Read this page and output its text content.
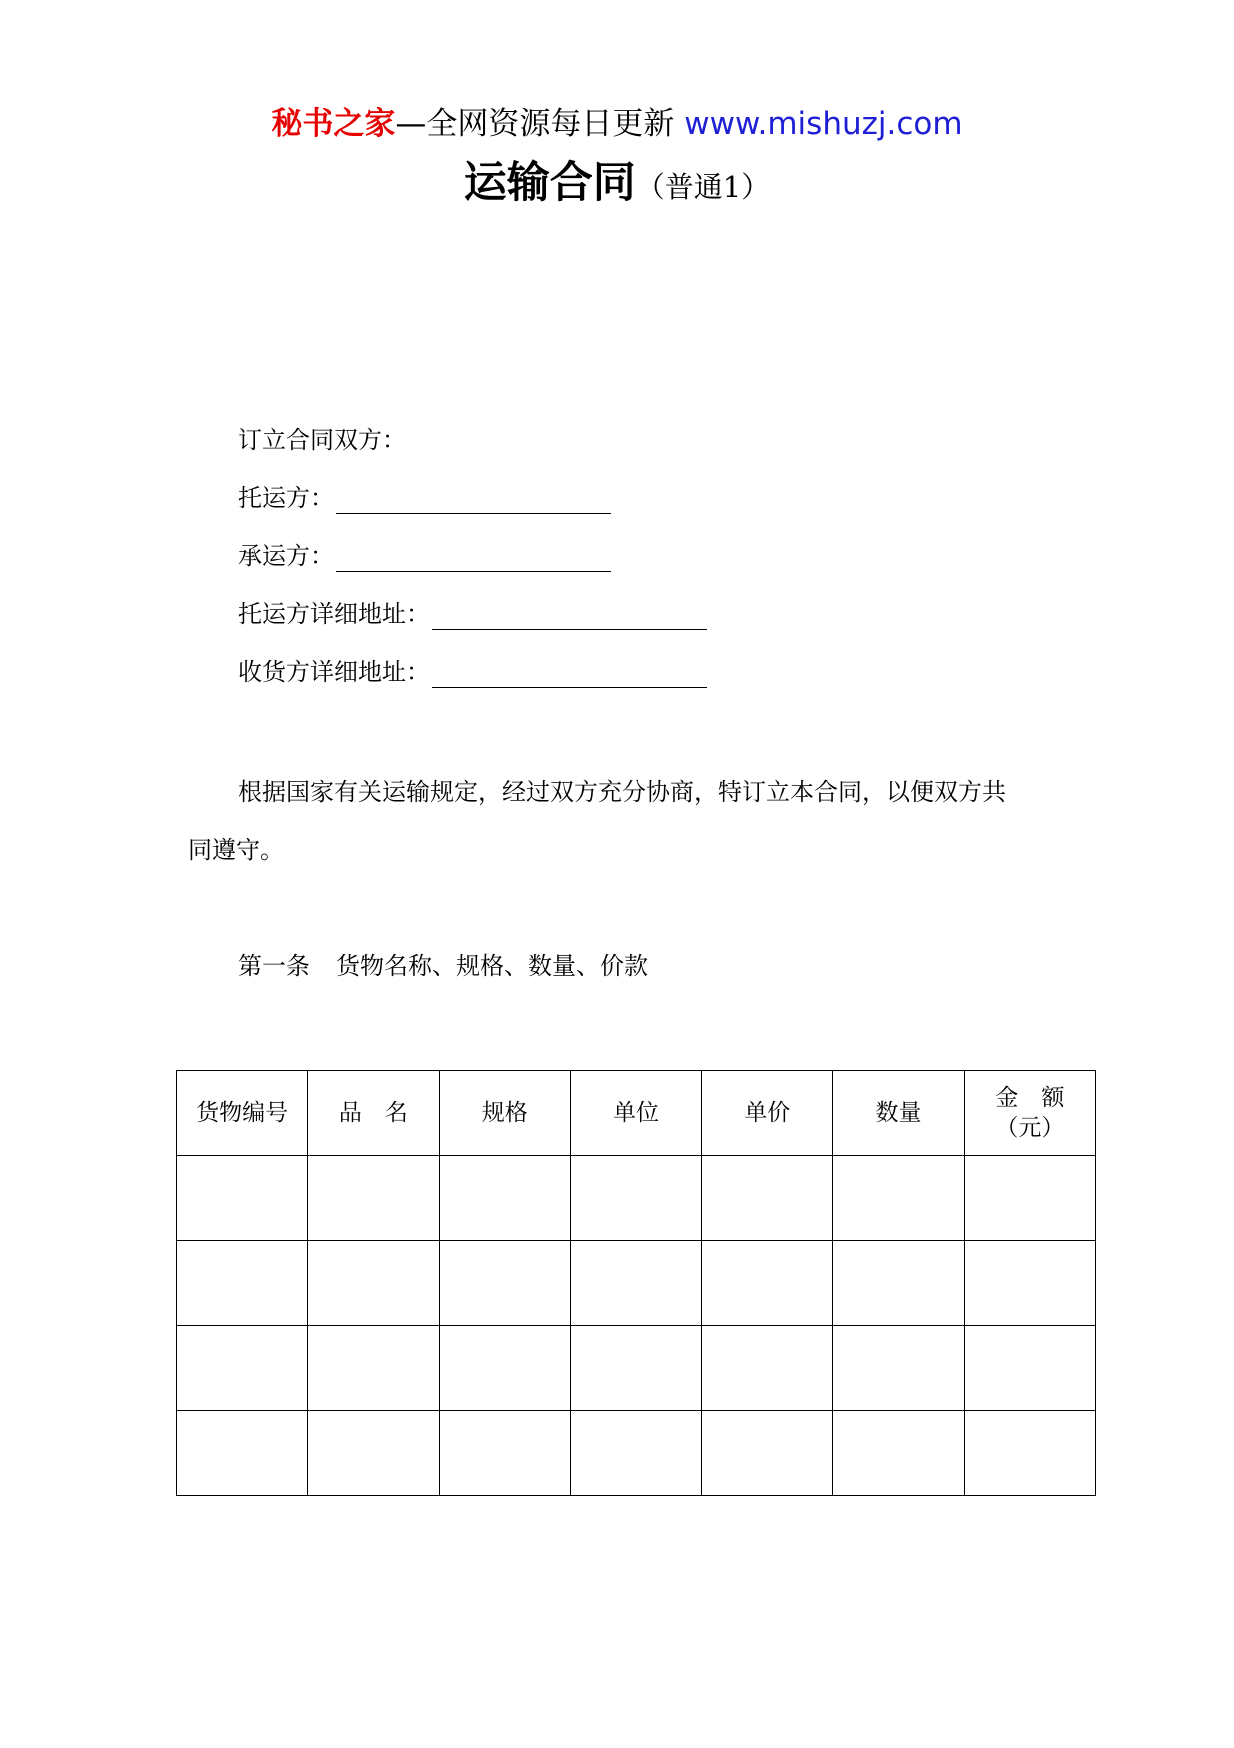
秘书之家—全网资源每日更新 www.mishuzj.com
运输合同（普通1）
订立合同双方：
托运方：
承运方：
托运方详细地址：
收货方详细地址：
根据国家有关运输规定，经过双方充分协商，特订立本合同，以便双方共
同遵守。
第一条 货物名称、规格、数量、价款
货物编号	品　名	规格	单位	单价	数量	金　额（元）
